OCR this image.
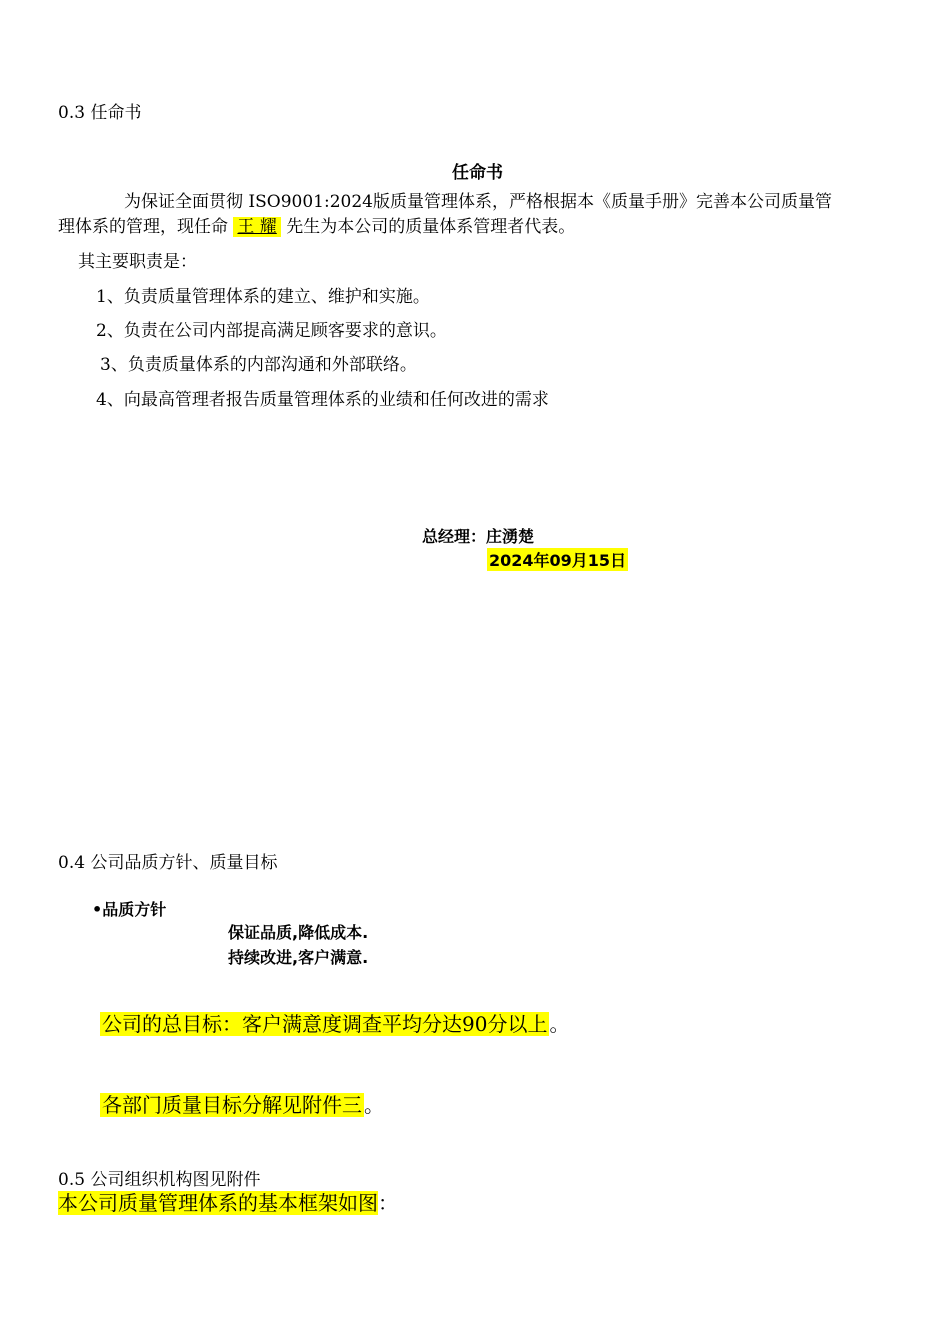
0.3 任命书
任命书
为保证全面贯彻 ISO9001:2024版质量管理体系，严格根据本《质量手册》完善本公司质量管
理体系的管理，现任命 王 耀 先生为本公司的质量体系管理者代表。
其主要职责是：
1、负责质量管理体系的建立、维护和实施。
2、负责在公司内部提高满足顾客要求的意识。
3、负责质量体系的内部沟通和外部联络。
4、向最高管理者报告质量管理体系的业绩和任何改进的需求
总经理：庄湧楚
2024年09月15日
0.4 公司品质方针、质量目标
•品质方针
保证品质,降低成本.
持续改进,客户满意.
公司的总目标：客户满意度调查平均分达90分以上 。
各部门质量目标分解见附件三 。
0.5 公司组织机构图见附件
本公司质量管理体系的基本框架如图：
